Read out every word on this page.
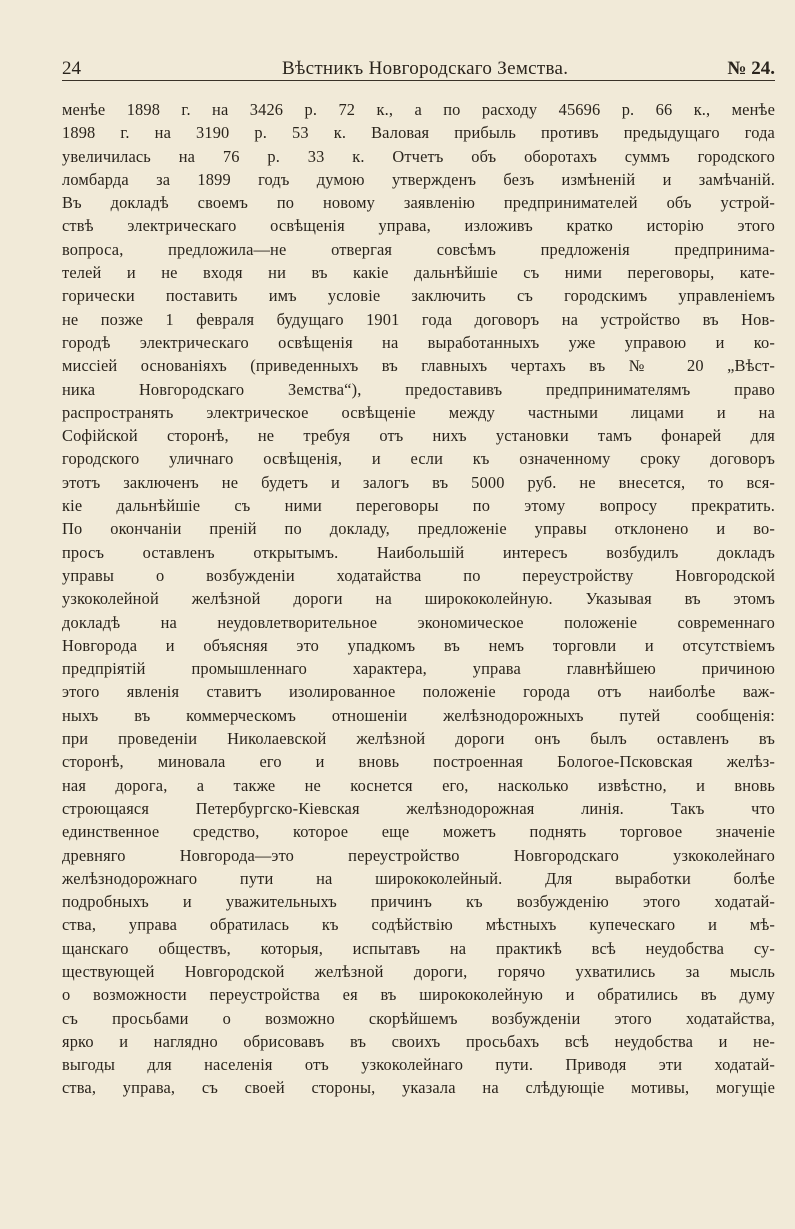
24	Вѣстникъ Новгородскаго Земства.	№ 24.
менѣе 1898 г. на 3426 р. 72 к., а по расходу 45696 р. 66 к., менѣе
1898 г. на 3190 р. 53 к. Валовая прибыль противъ предыдущаго года
увеличилась на 76 р. 33 к. Отчетъ объ оборотахъ суммъ городского
ломбарда за 1899 годъ думою утвержденъ безъ измѣненій и замѣчаній.
Въ докладѣ своемъ по новому заявленію предпринимателей объ устрой-
ствѣ электрическаго освѣщенія управа, изложивъ кратко исторію этого
вопроса, предложила—не отвергая совсѣмъ предложенія предпринима-
телей и не входя ни въ какіе дальнѣйшіе съ ними переговоры, кате-
горически поставить имъ условіе заключить съ городскимъ управленіемъ
не позже 1 февраля будущаго 1901 года договоръ на устройство въ Нов-
городѣ электрическаго освѣщенія на выработанныхъ уже управою и ко-
миссіей основаніяхъ (приведенныхъ въ главныхъ чертахъ въ № 20 „Вѣст-
ника Новгородскаго Земства“), предоставивъ предпринимателямъ право
распространять электрическое освѣщеніе между частными лицами и на
Софійской сторонѣ, не требуя отъ нихъ установки тамъ фонарей для
городского уличнаго освѣщенія, и если къ означенному сроку договоръ
этотъ заключенъ не будетъ и залогъ въ 5000 руб. не внесется, то вся-
кіе дальнѣйшіе съ ними переговоры по этому вопросу прекратить.
По окончаніи преній по докладу, предложеніе управы отклонено и во-
просъ оставленъ открытымъ. Наибольшій интересъ возбудилъ докладъ
управы о возбужденіи ходатайства по переустройству Новгородской
узкоколейной желѣзной дороги на ширококолейную. Указывая въ этомъ
докладѣ на неудовлетворительное экономическое положеніе современнаго
Новгорода и объясняя это упадкомъ въ немъ торговли и отсутствіемъ
предпріятій промышленнаго характера, управа главнѣйшею причиною
этого явленія ставитъ изолированное положеніе города отъ наиболѣе важ-
ныхъ въ коммерческомъ отношеніи желѣзнодорожныхъ путей сообщенія:
при проведеніи Николаевской желѣзной дороги онъ былъ оставленъ въ
сторонѣ, миновала его и вновь построенная Бологое-Псковская желѣз-
ная дорога, а также не коснется его, насколько извѣстно, и вновь
строющаяся Петербургско-Кіевская желѣзнодорожная линія. Такъ что
единственное средство, которое еще можетъ поднять торговое значеніе
древняго Новгорода—это переустройство Новгородскаго узкоколейнаго
желѣзнодорожнаго пути на ширококолейный. Для выработки болѣе
подробныхъ и уважительныхъ причинъ къ возбужденію этого ходатай-
ства, управа обратилась къ содѣйствію мѣстныхъ купеческаго и мѣ-
щанскаго обществъ, которыя, испытавъ на практикѣ всѣ неудобства су-
ществующей Новгородской желѣзной дороги, горячо ухватились за мысль
о возможности переустройства ея въ ширококолейную и обратились въ думу
съ просьбами о возможно скорѣйшемъ возбужденіи этого ходатайства,
ярко и наглядно обрисовавъ въ своихъ просьбахъ всѣ неудобства и не-
выгоды для населенія отъ узкоколейнаго пути. Приводя эти ходатай-
ства, управа, съ своей стороны, указала на слѣдующіе мотивы, могущіе
